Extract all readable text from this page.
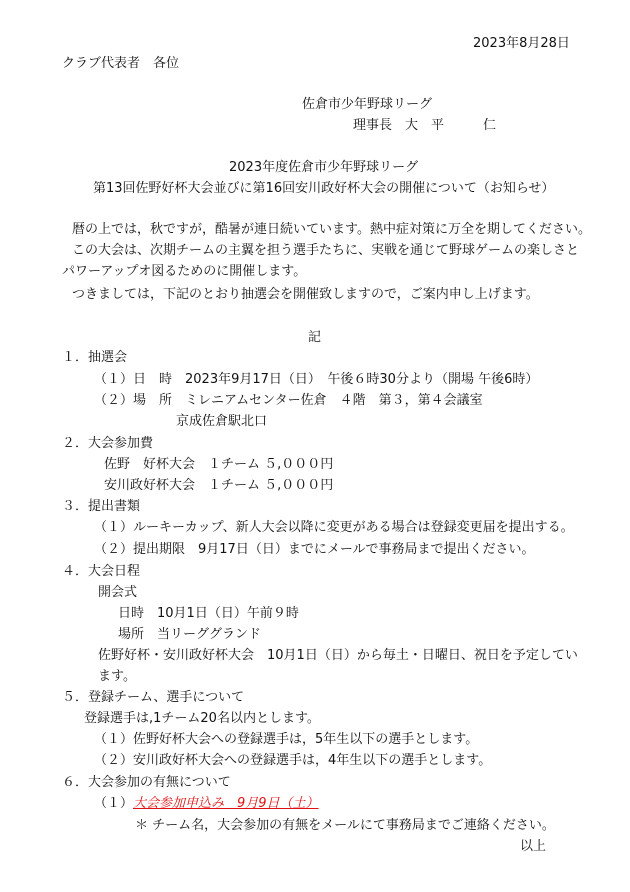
2023年8月28日
クラブ代表者　各位
佐倉市少年野球リーグ
理事長　大　平　　　仁
2023年度佐倉市少年野球リーグ
第13回佐野好杯大会並びに第16回安川政好杯大会の開催について（お知らせ）
暦の上では，秋ですが，酷暑が連日続いています。熱中症対策に万全を期してください。
この大会は、次期チームの主翼を担う選手たちに、実戦を通じて野球ゲームの楽しさと
パワーアップオ図るためのに開催します。
つきましては，下記のとおり抽選会を開催致しますので，ご案内申し上げます。
記
１．抽選会
（１）日　時　2023年9月17日（日）　午後６時30分より（開場 午後6時）
（２）場　所　ミレニアムセンター佐倉　４階　第３，第４会議室
京成佐倉駅北口
２．大会参加費
佐野　好杯大会　１チーム ５,０００円
安川政好杯大会　１チーム ５,０００円
３．提出書類
（１）ルーキーカップ、新人大会以降に変更がある場合は登録変更届を提出する。
（２）提出期限　9月17日（日）までにメールで事務局まで提出ください。
４．大会日程
開会式
日時　10月1日（日）午前９時
場所　当リーググランド
佐野好杯・安川政好杯大会　10月1日（日）から毎土・日曜日、祝日を予定してい
ます。
５．登録チーム、選手について
登録選手は,1チーム20名以内とします。
（１）佐野好杯大会への登録選手は，5年生以下の選手とします。
（２）安川政好杯大会への登録選手は，4年生以下の選手とします。
６．大会参加の有無について
（１）大会参加申込み　9月9日（土）
＊ チーム名，大会参加の有無をメールにて事務局までご連絡ください。
以上
